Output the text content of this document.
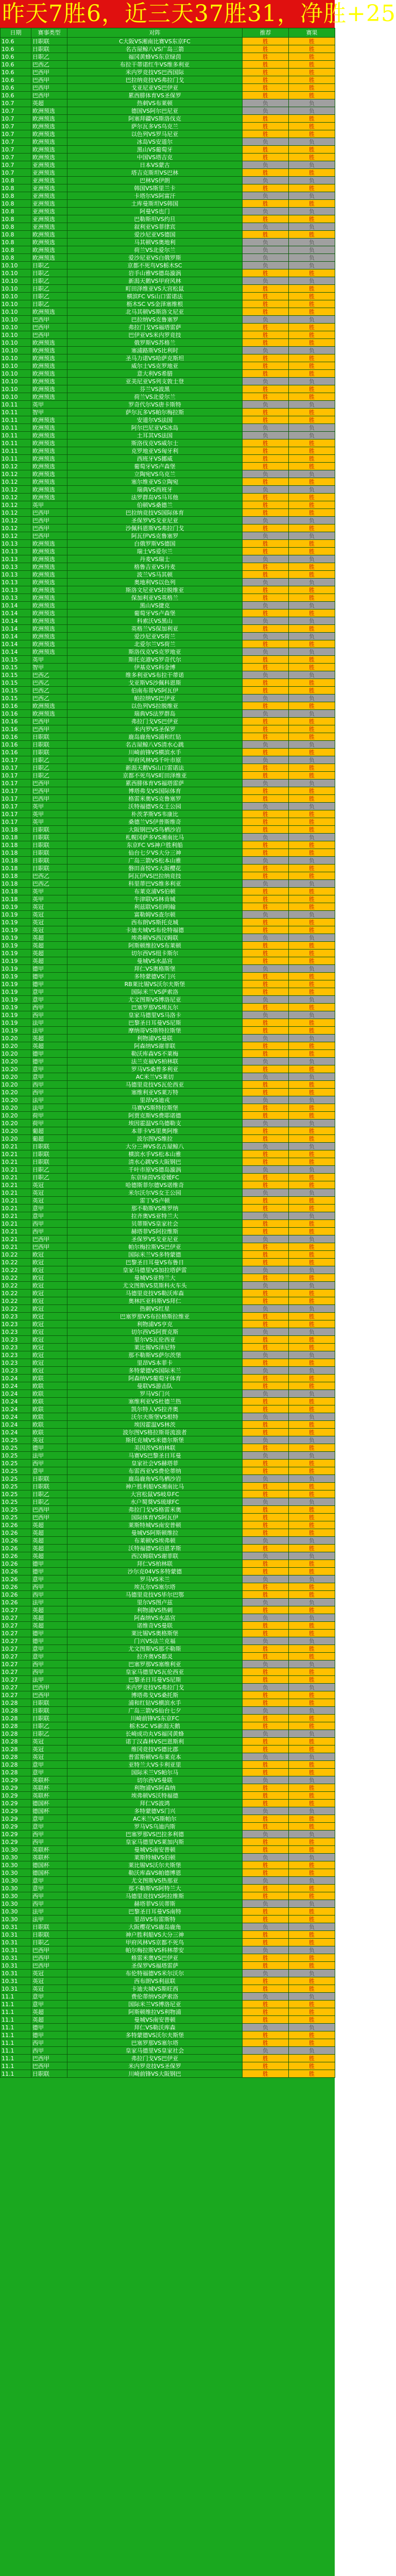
昨天7胜6，近三天37胜31，净胜+25
日期	赛事类型	对阵	推荐	赛果
10.6	日职联	C大阪VS湘南比赛VS东京FC	胜	胜
10.6	日职联	名古屋鲸八VS广岛三箭	胜	胜
10.6	日职乙	福冈黄蜂VS东京绿茵	胜	胜
10.6	巴西乙	布拉干蒂诺红牛VS维多利亚	胜	胜
10.6	巴西甲	米内罗竞技VS巴西国际	胜	胜
10.6	巴西甲	巴拉纳竞技VS弗拉门戈	胜	胜
10.6	巴西甲	戈亚尼亚VS巴伊亚	胜	胜
10.6	巴西甲	累西腓体育VS圣保罗	胜	胜
10.7	英超	热刺VS布莱顿	负	负
10.7	欧洲预选	德国VS阿尔巴尼亚	负	负
10.7	欧洲预选	阿塞拜疆VS斯洛伐克	胜	胜
10.7	欧洲预选	萨尔瓦多VS乌克兰	胜	胜
10.7	欧洲预选	以色列VS罗马尼亚	胜	胜
10.7	欧洲预选	冰岛VS安道尔	负	负
10.7	欧洲预选	黑山VS葡萄牙	胜	胜
10.7	欧洲预选	中国VS塔吉克	胜	胜
10.7	亚洲预选	日本VS蒙古	负	负
10.7	亚洲预选	塔吉克斯坦VS巴林	胜	胜
10.8	亚洲预选	巴林VS伊朗	负	负
10.8	亚洲预选	韩国VS斯里兰卡	胜	胜
10.8	亚洲预选	卡塔尔VS阿富汗	负	负
10.8	亚洲预选	土库曼斯坦VS韩国	胜	胜
10.8	亚洲预选	阿曼VS也门	负	负
10.8	亚洲预选	巴勒斯坦VS约旦	胜	胜
10.8	亚洲预选	叙利亚VS菲律宾	负	负
10.8	欧洲预选	爱沙尼亚VS德国	胜	胜
10.8	欧洲预选	马其顿VS奥地利	负	负
10.8	欧洲预选	荷兰VS北爱尔兰	负	负
10.8	欧洲预选	爱沙尼亚VS白俄罗斯	负	负
10.10	日职乙	京都不死鸟VS栃木SC	负	负
10.10	日职乙	岩手山雅VS德岛漩涡	胜	胜
10.10	日职乙	新潟天鹅VS甲府风林	负	负
10.10	日职乙	町田泽维亚VS大宫松鼠	胜	胜
10.10	日职乙	横滨FC VS山口雷诺法	胜	胜
10.10	日职乙	枥木SC VS金泽塞维根	胜	胜
10.10	欧洲预选	北马其顿VS斯洛文尼亚	胜	胜
10.10	巴西甲	巴拉纳VS克鲁塞罗	负	负
10.10	巴西甲	弗拉门戈VS福塔雷萨	胜	胜
10.10	巴西甲	巴伊亚VS米内罗竞技	胜	胜
10.10	欧洲预选	俄罗斯VS苏格兰	胜	胜
10.10	欧洲预选	塞浦路斯VS比利时	负	负
10.10	欧洲预选	圣马力诺VS哈萨克斯坦	胜	胜
10.10	欧洲预选	威尔士VS克罗地亚	胜	胜
10.10	欧洲预选	意大利VS希腊	胜	胜
10.10	欧洲预选	亚美尼亚VS列支敦士登	负	负
10.10	欧洲预选	芬兰VS波黑	胜	胜
10.10	欧洲预选	荷兰VS北爱尔兰	胜	胜
10.11	英甲	罗奇代尔VS唐卡斯特	负	负
10.11	智甲	萨尔瓦多VS帕尔梅拉斯	胜	胜
10.11	欧洲预选	安道尔VS法国	胜	胜
10.11	欧洲预选	阿尔巴尼亚VS冰岛	负	负
10.11	欧洲预选	土耳其VS法国	负	负
10.11	欧洲预选	斯洛伐克VS威尔士	胜	胜
10.11	欧洲预选	克罗地亚VS匈牙利	胜	胜
10.11	欧洲预选	西班牙VS挪威	胜	胜
10.12	欧洲预选	葡萄牙VS卢森堡	胜	胜
10.12	欧洲预选	立陶宛VS乌克兰	负	负
10.12	欧洲预选	塞尔维亚VS立陶宛	胜	胜
10.12	欧洲预选	瑞典VS西班牙	负	负
10.12	欧洲预选	法罗群岛VS马耳他	胜	胜
10.12	英甲	伯顿VS桑德兰	胜	胜
10.12	巴西甲	巴拉纳竞技VS国际体育	胜	胜
10.12	巴西甲	圣保罗VS戈亚尼亚	负	负
10.12	巴西甲	沙佩科恩斯VS弗拉门戈	胜	胜
10.12	巴西甲	阿瓦伊VS克鲁塞罗	负	负
10.13	欧洲预选	白俄罗斯VS德国	胜	胜
10.13	欧洲预选	瑞士VS爱尔兰	胜	胜
10.13	欧洲预选	丹麦VS瑞士	负	负
10.13	欧洲预选	格鲁吉亚VS丹麦	胜	胜
10.13	欧洲预选	波兰VS马其顿	胜	胜
10.13	欧洲预选	奥地利VS以色列	负	负
10.13	欧洲预选	斯洛文尼亚VS拉脱维亚	胜	胜
10.13	欧洲预选	保加利亚VS英格兰	胜	胜
10.14	欧洲预选	黑山VS捷克	负	负
10.14	欧洲预选	葡萄牙VS卢森堡	胜	胜
10.14	欧洲预选	科索沃VS黑山	负	负
10.14	欧洲预选	英格兰VS保加利亚	胜	胜
10.14	欧洲预选	爱沙尼亚VS荷兰	负	负
10.14	欧洲预选	北爱尔兰VS荷兰	胜	胜
10.14	欧洲预选	斯洛伐克VS克罗地亚	负	负
10.15	英甲	斯托克港VS罗奇代尔	胜	胜
10.15	智甲	伊基克VS科金博	胜	胜
10.15	巴西乙	维多利亚VS布拉干蒂诺	负	负
10.15	巴西乙	戈亚斯VS沙佩科恩斯	胜	胜
10.15	巴西乙	伯南布哥VS阿瓦伊	胜	胜
10.15	巴西乙	帕拉纳VS巴伊亚	负	负
10.16	欧洲预选	以色列VS拉脱维亚	胜	胜
10.16	欧洲预选	瑞典VS法罗群岛	负	负
10.16	巴西甲	弗拉门戈VS巴伊亚	胜	胜
10.16	巴西甲	米内罗VS圣保罗	胜	胜
10.16	日职联	鹿岛鹿角VS浦和红钻	胜	胜
10.16	日职联	名古屋鲸八VS清水心跳	负	负
10.16	日职联	川崎前锋VS横滨水手	胜	胜
10.17	日职乙	甲府风林VS千叶市原	负	负
10.17	日职乙	新潟天鹅VS山口雷诺法	胜	胜
10.17	日职乙	京都不死鸟VS町田泽维亚	胜	胜
10.17	巴西甲	累西腓体育VS福塔雷萨	负	负
10.17	巴西甲	博塔弗戈VS国际体育	胜	胜
10.17	巴西甲	格雷米奥VS克鲁塞罗	胜	胜
10.17	英甲	沃特福德VS女王公园	负	负
10.17	英甲	朴茨茅斯VS韦康比	胜	胜
10.17	英甲	桑德兰VS伊普斯维奇	胜	胜
10.18	日职联	大阪钢巴VS鸟栖沙岩	胜	胜
10.18	日职联	札幌冈萨多VS湘南比马	负	负
10.18	日职联	东京FC VS神户胜利船	胜	胜
10.18	日职联	仙台七夕VS大分三神	胜	胜
10.18	日职联	广岛三箭VS松本山雅	负	负
10.18	日职联	磐田喜悦VS大阪樱花	胜	胜
10.18	巴西乙	阿瓦伊VS巴拉纳竞技	胜	胜
10.18	巴西乙	科里蒂巴VS维多利亚	负	负
10.18	英甲	布莱克浦VS伯顿	胜	胜
10.18	英甲	牛津联VS林肯城	胜	胜
10.19	英冠	利兹联VS伯明翰	胜	胜
10.19	英冠	富勒姆VS查尔顿	负	负
10.19	英冠	西布朗VS斯托克城	胜	胜
10.19	英冠	卡迪夫城VS布伦特福德	胜	胜
10.19	英超	埃弗顿VS西汉姆联	负	负
10.19	英超	阿斯顿维拉VS布莱顿	胜	胜
10.19	英超	切尔西VS纽卡斯尔	胜	胜
10.19	英超	曼城VS水晶宫	胜	胜
10.19	德甲	拜仁VS奥格斯堡	负	负
10.19	德甲	多特蒙德VS门兴	胜	胜
10.19	德甲	RB莱比锡VS沃尔夫斯堡	胜	胜
10.19	意甲	国际米兰VS萨索洛	胜	胜
10.19	意甲	尤文图斯VS博洛尼亚	负	负
10.19	西甲	巴塞罗那VS埃瓦尔	胜	胜
10.19	西甲	皇家马德里VS马洛卡	负	负
10.19	法甲	巴黎圣日耳曼VS尼斯	胜	胜
10.19	法甲	摩纳哥VS斯特拉斯堡	胜	胜
10.20	英超	利物浦VS曼联	负	负
10.20	英超	阿森纳VS谢菲联	胜	胜
10.20	德甲	勒沃库森VS不莱梅	胜	胜
10.20	德甲	法兰克福VS柏林联	负	负
10.20	意甲	罗马VS桑普多利亚	胜	胜
10.20	意甲	AC米兰VS莱切	负	负
10.20	西甲	马德里竞技VS瓦伦西亚	胜	胜
10.20	西甲	塞维利亚VS莱万特	胜	胜
10.20	法甲	里昂VS迪戎	负	负
10.20	法甲	马赛VS斯特拉斯堡	胜	胜
10.20	荷甲	阿贾克斯VS费耶诺德	胜	胜
10.20	荷甲	埃因霍温VS乌德勒支	负	负
10.20	葡超	本菲卡VS里奥阿维	胜	胜
10.20	葡超	波尔图VS维拉	胜	胜
10.21	日职联	大分三神VS名古屋鲸八	负	负
10.21	日职联	横滨水手VS松本山雅	胜	胜
10.21	日职联	清水心跳VS大阪钢巴	胜	胜
10.21	日职乙	千叶市原VS德岛漩涡	负	负
10.21	日职乙	东京绿茵VS爱媛FC	胜	胜
10.21	英冠	哈德斯菲尔德VS诺维奇	胜	胜
10.21	英冠	米尔沃尔VS女王公园	负	负
10.21	英冠	雷丁VS卢顿	胜	胜
10.21	意甲	那不勒斯VS维罗纳	胜	胜
10.21	意甲	拉齐奥VS亚特兰大	负	负
10.21	西甲	贝蒂斯VS皇家社会	胜	胜
10.21	西甲	赫塔菲VS阿拉维斯	胜	胜
10.21	巴西甲	圣保罗VS戈亚尼亚	负	负
10.21	巴西甲	帕尔梅拉斯VS巴伊亚	胜	胜
10.22	欧冠	国际米兰VS多特蒙德	胜	胜
10.22	欧冠	巴黎圣日耳曼VS布鲁日	胜	胜
10.22	欧冠	皇家马德里VS加拉塔萨雷	负	负
10.22	欧冠	曼城VS亚特兰大	胜	胜
10.22	欧冠	尤文图斯VS莫斯科火车头	负	负
10.22	欧冠	马德里竞技VS勒沃库森	胜	胜
10.22	欧冠	奥林匹亚科斯VS拜仁	胜	胜
10.22	欧冠	热刺VS红星	负	负
10.23	欧冠	巴塞罗那VS布拉格斯拉维亚	胜	胜
10.23	欧冠	利物浦VS亨克	胜	胜
10.23	欧冠	切尔西VS阿贾克斯	负	负
10.23	欧冠	里尔VS瓦伦西亚	胜	胜
10.23	欧冠	莱比锡VS泽尼特	胜	胜
10.23	欧冠	那不勒斯VS萨尔茨堡	负	负
10.23	欧冠	里昂VS本菲卡	胜	胜
10.23	欧冠	多特蒙德VS国际米兰	负	负
10.24	欧联	阿森纳VS葡萄牙体育	胜	胜
10.24	欧联	曼联VS游击队	胜	胜
10.24	欧联	罗马VS门兴	负	负
10.24	欧联	塞维利亚VS杜德兰热	胜	胜
10.24	欧联	凯尔特人VS拉齐奥	胜	胜
10.24	欧联	沃尔夫斯堡VS根特	负	负
10.24	欧联	埃因霍温VS林茨	胜	胜
10.24	欧联	波尔图VS格拉斯哥流浪者	胜	胜
10.25	英冠	斯托克城VS米德尔斯堡	负	负
10.25	德甲	美因茨VS柏林联	胜	胜
10.25	法甲	马赛VS巴黎圣日耳曼	负	负
10.25	西甲	皇家社会VS赫塔菲	胜	胜
10.25	意甲	布雷西亚VS费伦蒂纳	胜	胜
10.25	日职联	鹿岛鹿角VS鸟栖沙岩	负	负
10.25	日职联	神户胜利船VS湘南比马	胜	胜
10.25	日职乙	大宫松鼠VS岐阜FC	胜	胜
10.25	日职乙	水户蜀葵VS琉球FC	负	负
10.25	巴西甲	弗拉门戈VS格雷米奥	胜	胜
10.25	巴西甲	国际体育VS阿瓦伊	胜	胜
10.26	英超	莱斯特城VS南安普顿	胜	胜
10.26	英超	曼城VS阿斯顿维拉	胜	胜
10.26	英超	布莱顿VS埃弗顿	负	负
10.26	英超	沃特福德VS伯恩茅斯	胜	胜
10.26	英超	西汉姆联VS谢菲联	负	负
10.26	德甲	拜仁VS柏林联	胜	胜
10.26	德甲	沙尔克04VS多特蒙德	胜	胜
10.26	意甲	罗马VS米兰	负	负
10.26	西甲	埃瓦尔VS塞尔塔	胜	胜
10.26	西甲	马德里竞技VS毕尔巴鄂	胜	胜
10.26	法甲	里尔VS图卢兹	负	负
10.27	英超	利物浦VS热刺	胜	胜
10.27	英超	阿森纳VS水晶宫	负	负
10.27	英超	诺维奇VS曼联	胜	胜
10.27	德甲	莱比锡VS奥格斯堡	胜	胜
10.27	德甲	门兴VS法兰克福	负	负
10.27	意甲	尤文图斯VS那不勒斯	胜	胜
10.27	意甲	拉齐奥VS都灵	胜	胜
10.27	西甲	巴塞罗那VS塞维利亚	负	负
10.27	西甲	皇家马德里VS瓦伦西亚	胜	胜
10.27	法甲	巴黎圣日耳曼VS尼斯	胜	胜
10.27	巴西甲	米内罗竞技VS弗拉门戈	负	负
10.27	巴西甲	博塔弗戈VS桑托斯	胜	胜
10.28	日职联	浦和红钻VS横滨水手	胜	胜
10.28	日职联	广岛三箭VS仙台七夕	负	负
10.28	日职联	川崎前锋VS东京FC	胜	胜
10.28	日职乙	栃木SC VS新潟天鹅	胜	胜
10.28	日职乙	长崎成功丸VS福冈黄蜂	负	负
10.28	英冠	诺丁汉森林VS巴恩斯利	胜	胜
10.28	英冠	维冈竞技VS德比郡	胜	胜
10.28	英冠	普雷斯顿VS布莱克本	负	负
10.28	意甲	亚特兰大VS卡利亚里	胜	胜
10.28	意甲	国际米兰VS帕尔马	胜	胜
10.29	英联杯	切尔西VS曼联	负	负
10.29	英联杯	利物浦VS阿森纳	胜	胜
10.29	英联杯	埃弗顿VS沃特福德	胜	胜
10.29	德国杯	拜仁VS波鸿	胜	胜
10.29	德国杯	多特蒙德VS门兴	负	负
10.29	意甲	AC米兰VS斯帕尔	胜	胜
10.29	意甲	罗马VS乌迪内斯	胜	胜
10.29	西甲	巴塞罗那VS巴拉多利德	负	负
10.29	西甲	皇家马德里VS莱加内斯	胜	胜
10.30	英联杯	曼城VS南安普顿	胜	胜
10.30	英联杯	莱斯特城VS伯顿	负	负
10.30	德国杯	莱比锡VS沃尔夫斯堡	胜	胜
10.30	德国杯	勒沃库森VS帕德博恩	胜	胜
10.30	意甲	尤文图斯VS热那亚	负	负
10.30	意甲	那不勒斯VS阿特兰大	胜	胜
10.30	西甲	马德里竞技VS阿拉维斯	胜	胜
10.30	西甲	赫塔菲VS贝蒂斯	负	负
10.30	法甲	巴黎圣日耳曼VS南特	胜	胜
10.30	法甲	里昂VS布雷斯特	胜	胜
10.31	日职联	大阪樱花VS鹿岛鹿角	负	负
10.31	日职联	神户胜利船VS大分三神	胜	胜
10.31	日职乙	甲府风林VS京都不死鸟	胜	胜
10.31	巴西甲	帕尔梅拉斯VS科林蒂安	负	负
10.31	巴西甲	格雷米奥VS巴伊亚	胜	胜
10.31	巴西甲	圣保罗VS福塔雷萨	胜	胜
10.31	英冠	布伦特福德VS米尔沃尔	负	负
10.31	英冠	西布朗VS利兹联	胜	胜
10.31	英冠	卡迪夫城VS斯旺西	胜	胜
11.1	意甲	费伦蒂纳VS萨索洛	负	负
11.1	意甲	国际米兰VS博洛尼亚	胜	胜
11.1	英超	阿斯顿维拉VS利物浦	胜	胜
11.1	英超	曼城VS南安普顿	胜	胜
11.1	德甲	拜仁VS勒沃库森	负	负
11.1	德甲	多特蒙德VS沃尔夫斯堡	胜	胜
11.1	西甲	巴塞罗那VS塞尔塔	胜	胜
11.1	西甲	皇家马德里VS皇家社会	负	负
11.1	巴西甲	弗拉门戈VS巴伊亚	胜	胜
11.1	巴西甲	米内罗竞技VS圣保罗	胜	胜
11.1	日职联	川崎前锋VS大阪钢巴	胜	胜
